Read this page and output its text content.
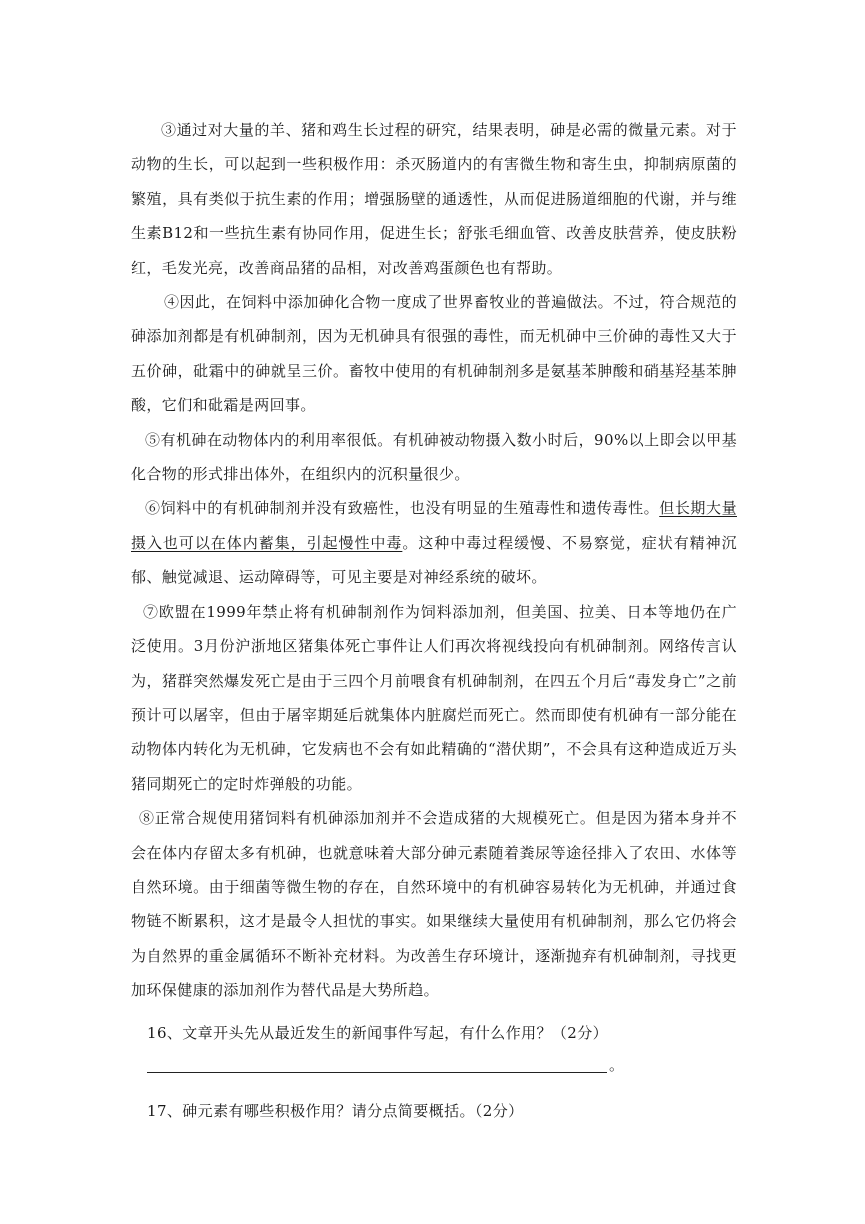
③通过对大量的羊、猪和鸡生长过程的研究，结果表明，砷是必需的微量元素。对于动物的生长，可以起到一些积极作用：杀灭肠道内的有害微生物和寄生虫，抑制病原菌的繁殖，具有类似于抗生素的作用；增强肠壁的通透性，从而促进肠道细胞的代谢，并与维生素B12和一些抗生素有协同作用，促进生长；舒张毛细血管、改善皮肤营养，使皮肤粉红，毛发光亮，改善商品猪的品相，对改善鸡蛋颜色也有帮助。

④因此，在饲料中添加砷化合物一度成了世界畜牧业的普遍做法。不过，符合规范的砷添加剂都是有机砷制剂，因为无机砷具有很强的毒性，而无机砷中三价砷的毒性又大于五价砷，砒霜中的砷就呈三价。畜牧中使用的有机砷制剂多是氨基苯胂酸和硝基羟基苯胂酸，它们和砒霜是两回事。

⑤有机砷在动物体内的利用率很低。有机砷被动物摄入数小时后，90%以上即会以甲基化合物的形式排出体外，在组织内的沉积量很少。

⑥饲料中的有机砷制剂并没有致癌性，也没有明显的生殖毒性和遗传毒性。但长期大量摄入也可以在体内蓄集，引起慢性中毒。这种中毒过程缓慢、不易察觉，症状有精神沉郁、触觉减退、运动障碍等，可见主要是对神经系统的破坏。

⑦欧盟在1999年禁止将有机砷制剂作为饲料添加剂，但美国、拉美、日本等地仍在广泛使用。3月份沪浙地区猪集体死亡事件让人们再次将视线投向有机砷制剂。网络传言认为，猪群突然爆发死亡是由于三四个月前喂食有机砷制剂，在四五个月后“毒发身亡”之前预计可以屠宰，但由于屠宰期延后就集体内脏腐烂而死亡。然而即使有机砷有一部分能在动物体内转化为无机砷，它发病也不会有如此精确的“潜伏期”，不会具有这种造成近万头猪同期死亡的定时炸弹般的功能。

⑧正常合规使用猪饲料有机砷添加剂并不会造成猪的大规模死亡。但是因为猪本身并不会在体内存留太多有机砷，也就意味着大部分砷元素随着粪尿等途径排入了农田、水体等自然环境。由于细菌等微生物的存在，自然环境中的有机砷容易转化为无机砷，并通过食物链不断累积，这才是最令人担忧的事实。如果继续大量使用有机砷制剂，那么它仍将会为自然界的重金属循环不断补充材料。为改善生存环境计，逐渐抛弃有机砷制剂，寻找更加环保健康的添加剂作为替代品是大势所趋。

16、文章开头先从最近发生的新闻事件写起，有什么作用？（2分）

。

17、砷元素有哪些积极作用？请分点简要概括。（2分）
